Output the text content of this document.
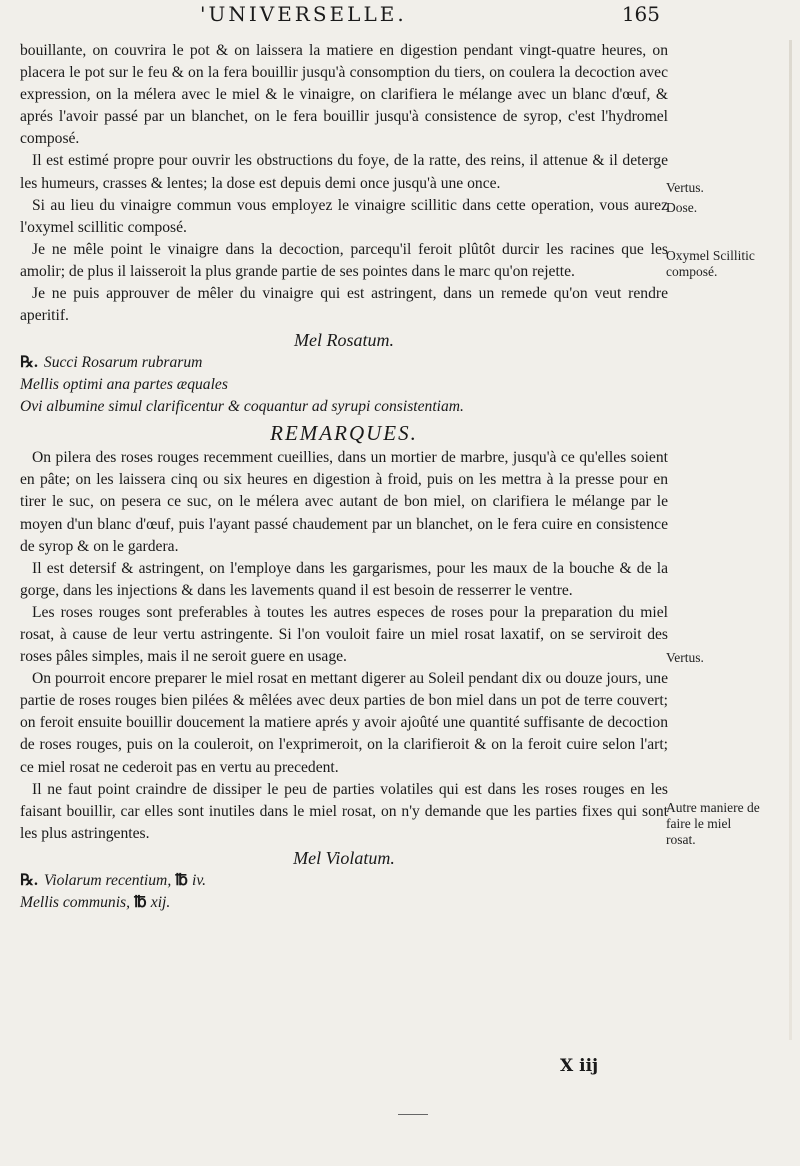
'UNIVERSELLE.	165

bouillante, on couvrira le pot & on laissera la matiere en digestion pendant vingt-quatre heures, on placera le pot sur le feu & on la fera bouillir jusqu'à consomption du tiers, on coulera la decoction avec expression, on la mélera avec le miel & le vinaigre, on clarifiera le mélange avec un blanc d'œuf, & aprés l'avoir passé par un blanchet, on le fera bouillir jusqu'à consistence de syrop, c'est l'hydromel composé.

Il est estimé propre pour ouvrir les obstructions du foye, de la ratte, des reins, il attenue & il deterge les humeurs, crasses & lentes; la dose est depuis demi once jusqu'à une once.

Si au lieu du vinaigre commun vous employez le vinaigre scillitic dans cette operation, vous aurez l'oxymel scillitic composé.

Je ne mêle point le vinaigre dans la decoction, parcequ'il feroit plûtôt durcir les racines que les amolir; de plus il laisseroit la plus grande partie de ses pointes dans le marc qu'on rejette.

Je ne puis approuver de mêler du vinaigre qui est astringent, dans un remede qu'on veut rendre aperitif.

Mel Rosatum.
℞. Succi Rosarum rubrarum
Mellis optimi ana partes æquales
Ovi albumine simul clarificentur & coquantur ad syrupi consistentiam.
REMARQUES.

On pilera des roses rouges recemment cueillies, dans un mortier de marbre, jusqu'à ce qu'elles soient en pâte; on les laissera cinq ou six heures en digestion à froid, puis on les mettra à la presse pour en tirer le suc, on pesera ce suc, on le mélera avec autant de bon miel, on clarifiera le mélange par le moyen d'un blanc d'œuf, puis l'ayant passé chaudement par un blanchet, on le fera cuire en consistence de syrop & on le gardera.

Il est detersif & astringent, on l'employe dans les gargarismes, pour les maux de la bouche & de la gorge, dans les injections & dans les lavements quand il est besoin de resserrer le ventre.

Les roses rouges sont preferables à toutes les autres especes de roses pour la preparation du miel rosat, à cause de leur vertu astringente. Si l'on vouloit faire un miel rosat laxatif, on se serviroit des roses pâles simples, mais il ne seroit guere en usage.

On pourroit encore preparer le miel rosat en mettant digerer au Soleil pendant dix ou douze jours, une partie de roses rouges bien pilées & mêlées avec deux parties de bon miel dans un pot de terre couvert; on feroit ensuite bouillir doucement la matiere aprés y avoir ajoûté une quantité suffisante de decoction de roses rouges, puis on la couleroit, on l'exprimeroit, on la clarifieroit & on la feroit cuire selon l'art; ce miel rosat ne cederoit pas en vertu au precedent.

Il ne faut point craindre de dissiper le peu de parties volatiles qui est dans les roses rouges en les faisant bouillir, car elles sont inutiles dans le miel rosat, on n'y demande que les parties fixes qui sont les plus astringentes.

Mel Violatum.
℞. Violarum recentium, ℔ iv.
Mellis communis, ℔ xij.
Vertus.
Dose.
Oxymel Scillitic composé.
Vertus.
Autre maniere de faire le miel rosat.
X iij
